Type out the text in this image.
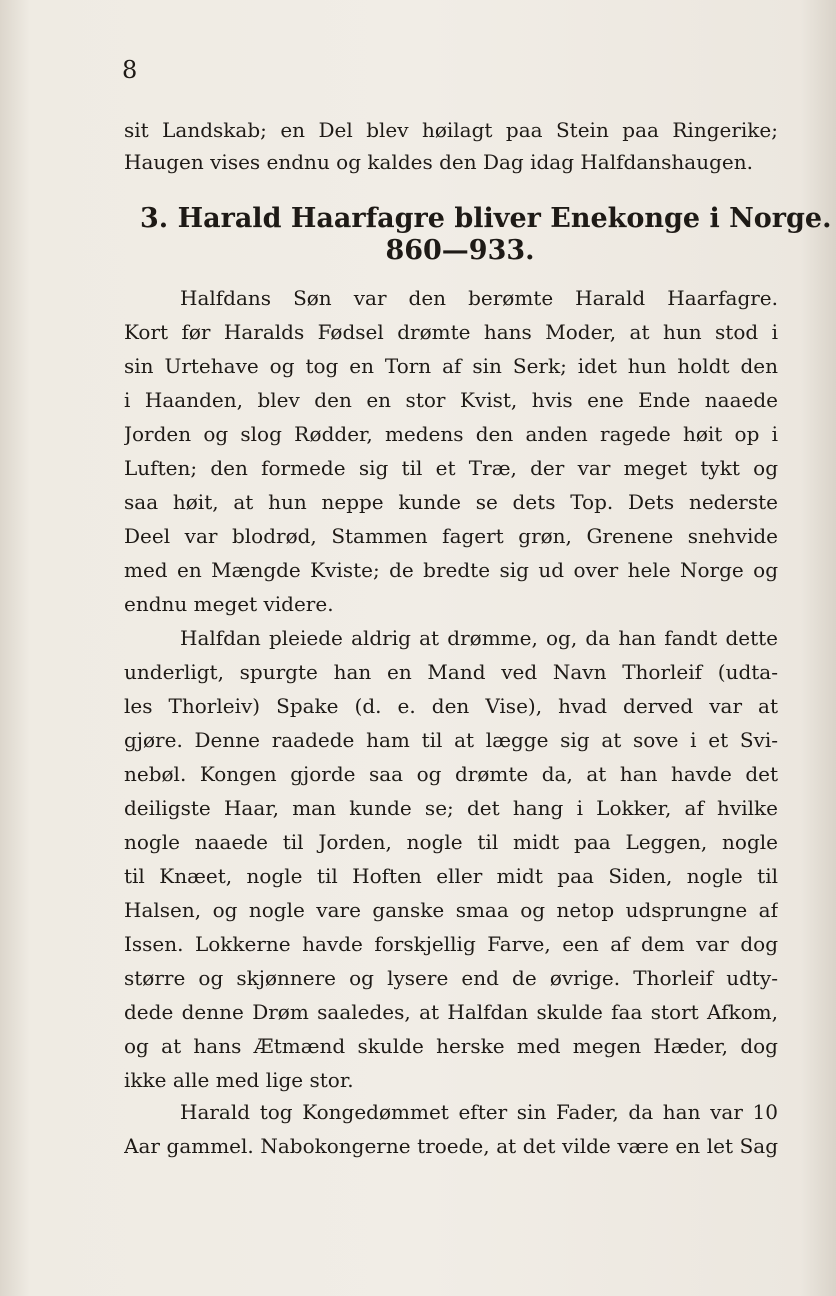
8
sit Landskab; en Del blev høilagt paa Stein paa Ringerike;
Haugen vises endnu og kaldes den Dag idag Halfdanshaugen.
3. Harald Haarfagre bliver Enekonge i Norge.
860—933.
Halfdans Søn var den berømte Harald Haarfagre.
Kort før Haralds Fødsel drømte hans Moder, at hun stod i
sin Urtehave og tog en Torn af sin Serk; idet hun holdt den
i Haanden, blev den en stor Kvist, hvis ene Ende naaede
Jorden og slog Rødder, medens den anden ragede høit op i
Luften; den formede sig til et Træ, der var meget tykt og
saa høit, at hun neppe kunde se dets Top. Dets nederste
Deel var blodrød, Stammen fagert grøn, Grenene snehvide
med en Mængde Kviste; de bredte sig ud over hele Norge og
endnu meget videre.
Halfdan pleiede aldrig at drømme, og, da han fandt dette
underligt, spurgte han en Mand ved Navn Thorleif (udta-
les Thorleiv) Spake (d. e. den Vise), hvad derved var at
gjøre. Denne raadede ham til at lægge sig at sove i et Svi-
nebøl. Kongen gjorde saa og drømte da, at han havde det
deiligste Haar, man kunde se; det hang i Lokker, af hvilke
nogle naaede til Jorden, nogle til midt paa Leggen, nogle
til Knæet, nogle til Hoften eller midt paa Siden, nogle til
Halsen, og nogle vare ganske smaa og netop udsprungne af
Issen. Lokkerne havde forskjellig Farve, een af dem var dog
større og skjønnere og lysere end de øvrige. Thorleif udty-
dede denne Drøm saaledes, at Halfdan skulde faa stort Afkom,
og at hans Ætmænd skulde herske med megen Hæder, dog
ikke alle med lige stor.
Harald tog Kongedømmet efter sin Fader, da han var 10
Aar gammel. Nabokongerne troede, at det vilde være en let Sag
